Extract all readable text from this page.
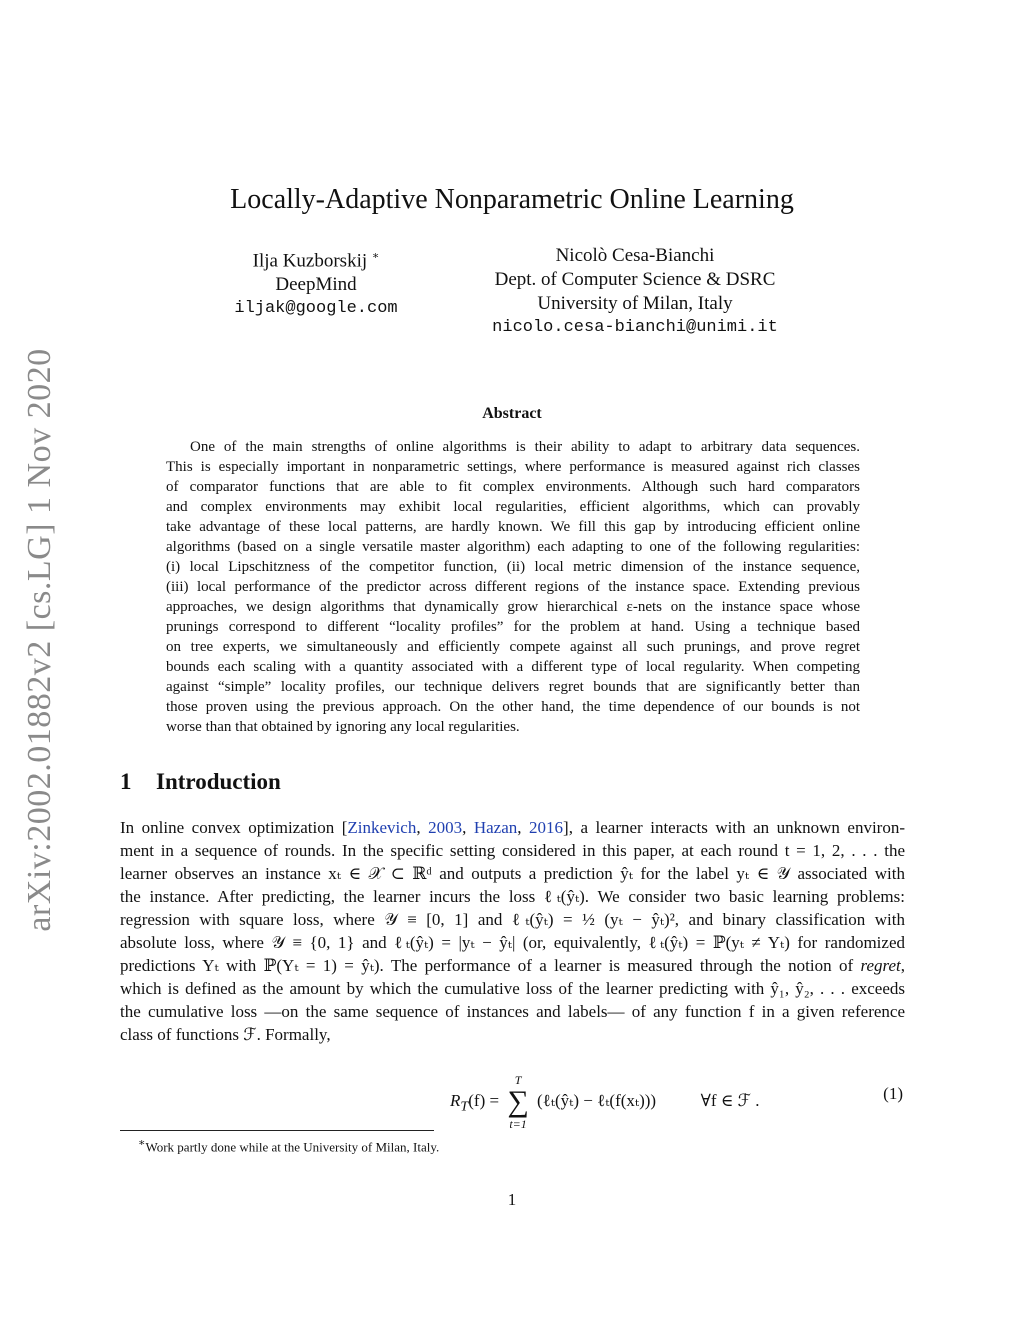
arXiv:2002.01882v2 [cs.LG] 1 Nov 2020
Locally-Adaptive Nonparametric Online Learning
Ilja Kuzborskij ∗
DeepMind
iljak@google.com
Nicolò Cesa-Bianchi
Dept. of Computer Science & DSRC
University of Milan, Italy
nicolo.cesa-bianchi@unimi.it
Abstract
One of the main strengths of online algorithms is their ability to adapt to arbitrary data sequences.
This is especially important in nonparametric settings, where performance is measured against rich classes
of comparator functions that are able to fit complex environments. Although such hard comparators
and complex environments may exhibit local regularities, efficient algorithms, which can provably
take advantage of these local patterns, are hardly known. We fill this gap by introducing efficient online
algorithms (based on a single versatile master algorithm) each adapting to one of the following regularities:
(i) local Lipschitzness of the competitor function, (ii) local metric dimension of the instance sequence,
(iii) local performance of the predictor across different regions of the instance space. Extending previous
approaches, we design algorithms that dynamically grow hierarchical ε-nets on the instance space whose
prunings correspond to different “locality profiles” for the problem at hand. Using a technique based
on tree experts, we simultaneously and efficiently compete against all such prunings, and prove regret
bounds each scaling with a quantity associated with a different type of local regularity. When competing
against “simple” locality profiles, our technique delivers regret bounds that are significantly better than
those proven using the previous approach. On the other hand, the time dependence of our bounds is not
worse than that obtained by ignoring any local regularities.
1 Introduction
In online convex optimization [Zinkevich, 2003, Hazan, 2016], a learner interacts with an unknown environ-
ment in a sequence of rounds. In the specific setting considered in this paper, at each round t = 1, 2, . . . the
learner observes an instance xₜ ∈ 𝒳 ⊂ ℝᵈ and outputs a prediction ŷₜ for the label yₜ ∈ 𝒴 associated with
the instance. After predicting, the learner incurs the loss ℓₜ(ŷₜ). We consider two basic learning problems:
regression with square loss, where 𝒴 ≡ [0, 1] and ℓₜ(ŷₜ) = ½ (yₜ − ŷₜ)², and binary classification with
absolute loss, where 𝒴 ≡ {0, 1} and ℓₜ(ŷₜ) = |yₜ − ŷₜ| (or, equivalently, ℓₜ(ŷₜ) = ℙ(yₜ ≠ Yₜ) for randomized
predictions Yₜ with ℙ(Yₜ = 1) = ŷₜ). The performance of a learner is measured through the notion of regret,
which is defined as the amount by which the cumulative loss of the learner predicting with ŷ₁, ŷ₂, . . . exceeds
the cumulative loss —on the same sequence of instances and labels— of any function f in a given reference
class of functions ℱ. Formally,
$R_T(f)$ =
T
∑
t=1
(ℓₜ(ŷₜ) − ℓₜ(f(xₜ)))	∀f ∈ ℱ .	(1)
∗Work partly done while at the University of Milan, Italy.
1
